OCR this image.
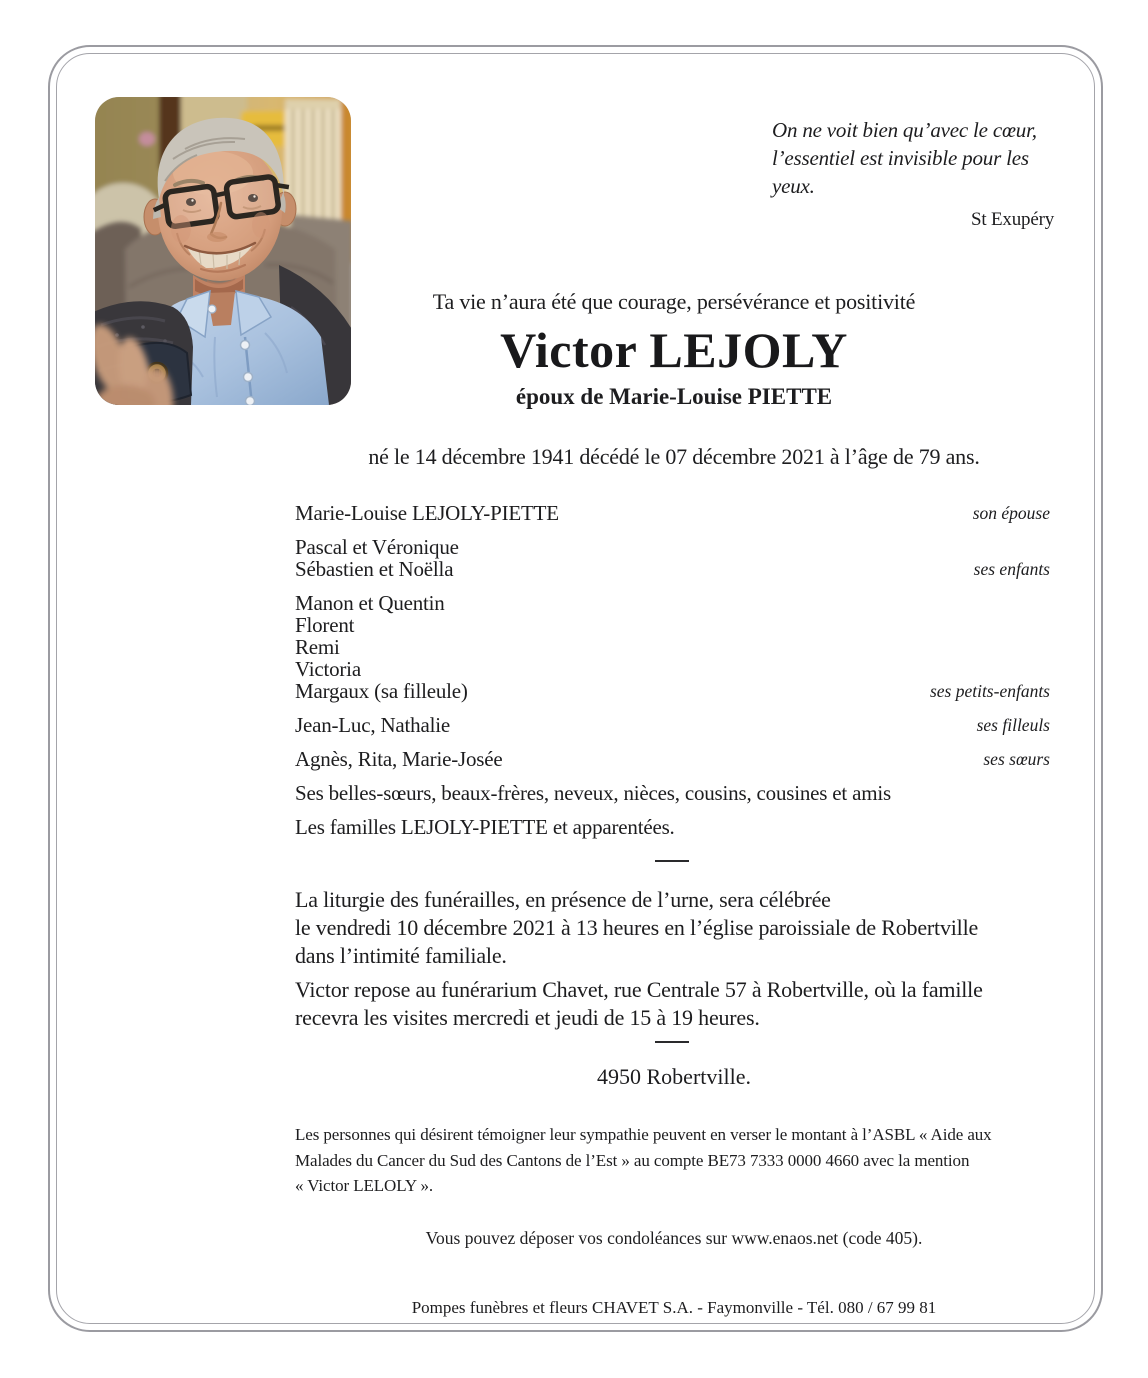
On ne voit bien qu’avec le cœur,
l’essentiel est invisible pour les yeux.
St Exupéry
Ta vie n’aura été que courage, persévérance et positivité
Victor LEJOLY
époux de Marie-Louise PIETTE
né le 14 décembre 1941 décédé le 07 décembre 2021 à l’âge de 79 ans.
Marie-Louise LEJOLY-PIETTE	son épouse
Pascal et Véronique
Sébastien et Noëlla	ses enfants
Manon et Quentin
Florent
Remi
Victoria
Margaux (sa filleule)	ses petits-enfants
Jean-Luc, Nathalie	ses filleuls
Agnès, Rita, Marie-Josée	ses sœurs
Ses belles-sœurs, beaux-frères, neveux, nièces, cousins, cousines et amis
Les familles LEJOLY-PIETTE et apparentées.
La liturgie des funérailles, en présence de l’urne, sera célébrée
le vendredi 10 décembre 2021 à 13 heures en l’église paroissiale de Robertville
dans l’intimité familiale.
Victor repose au funérarium Chavet, rue Centrale 57 à Robertville, où la famille
recevra les visites mercredi et jeudi de 15 à 19 heures.
4950 Robertville.
Les personnes qui désirent témoigner leur sympathie peuvent en verser le montant à l’ASBL « Aide aux
Malades du Cancer du Sud des Cantons de l’Est » au compte BE73 7333 0000 4660 avec la mention
« Victor LELOLY ».
Vous pouvez déposer vos condoléances sur www.enaos.net (code 405).
Pompes funèbres et fleurs CHAVET S.A. - Faymonville - Tél. 080 / 67 99 81
